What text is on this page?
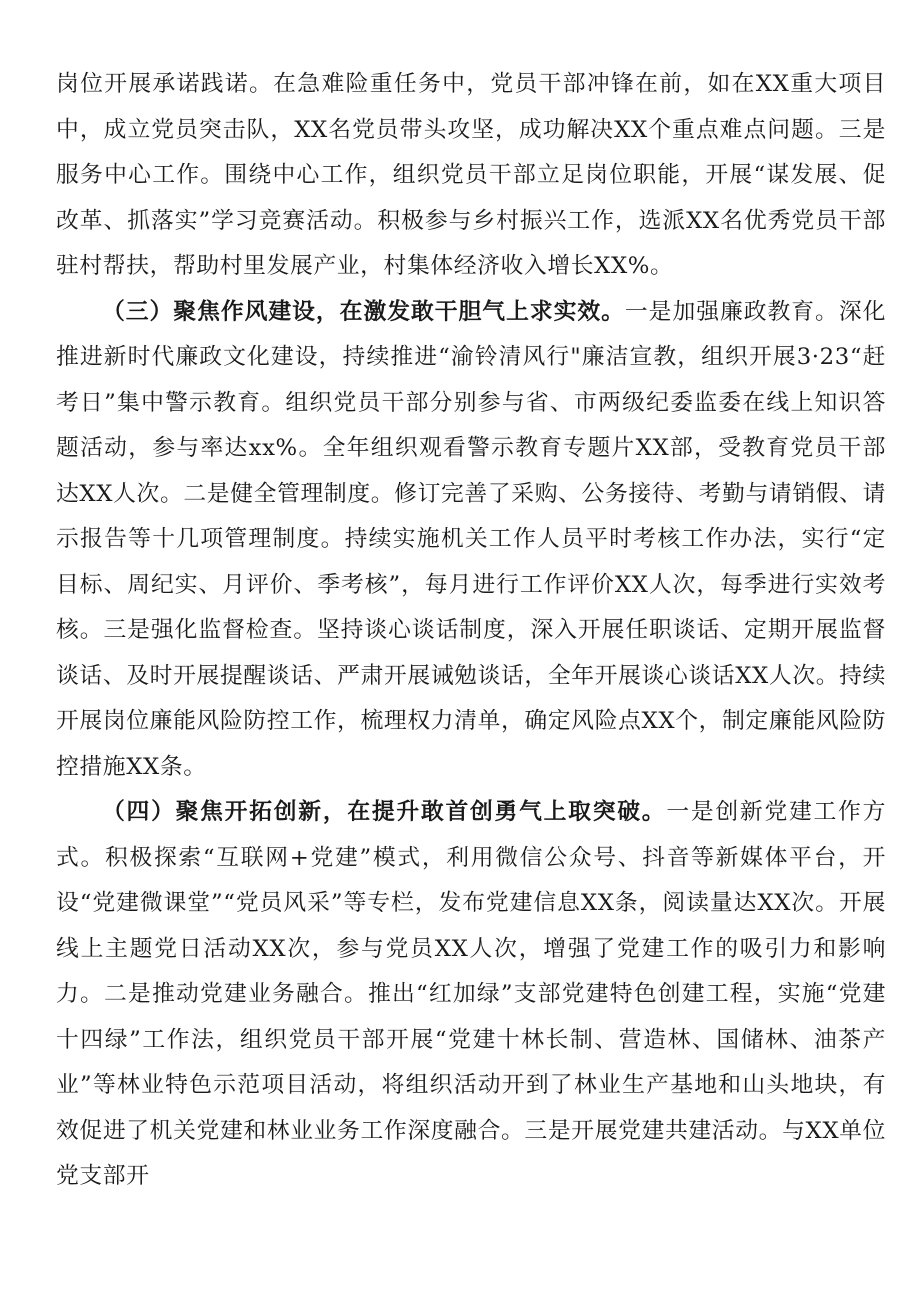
岗位开展承诺践诺。在急难险重任务中，党员干部冲锋在前，如在XX重大项目中，成立党员突击队，XX名党员带头攻坚，成功解决XX个重点难点问题。三是服务中心工作。围绕中心工作，组织党员干部立足岗位职能，开展“谋发展、促改革、抓落实”学习竞赛活动。积极参与乡村振兴工作，选派XX名优秀党员干部驻村帮扶，帮助村里发展产业，村集体经济收入增长XX%。

（三）聚焦作风建设，在激发敢干胆气上求实效。一是加强廉政教育。深化推进新时代廉政文化建设，持续推进“渝铃清风行"廉洁宣教，组织开展3·23“赶考日”集中警示教育。组织党员干部分别参与省、市两级纪委监委在线上知识答题活动，参与率达xx%。全年组织观看警示教育专题片XX部，受教育党员干部达XX人次。二是健全管理制度。修订完善了采购、公务接待、考勤与请销假、请示报告等十几项管理制度。持续实施机关工作人员平时考核工作办法，实行“定目标、周纪实、月评价、季考核”，每月进行工作评价XX人次，每季进行实效考核。三是强化监督检查。坚持谈心谈话制度，深入开展任职谈话、定期开展监督谈话、及时开展提醒谈话、严肃开展诫勉谈话，全年开展谈心谈话XX人次。持续开展岗位廉能风险防控工作，梳理权力清单，确定风险点XX个，制定廉能风险防控措施XX条。

（四）聚焦开拓创新，在提升敢首创勇气上取突破。一是创新党建工作方式。积极探索“互联网+党建”模式，利用微信公众号、抖音等新媒体平台，开设“党建微课堂”“党员风采”等专栏，发布党建信息XX条，阅读量达XX次。开展线上主题党日活动XX次，参与党员XX人次，增强了党建工作的吸引力和影响力。二是推动党建业务融合。推出“红加绿”支部党建特色创建工程，实施“党建十四绿”工作法，组织党员干部开展“党建十林长制、营造林、国储林、油茶产业”等林业特色示范项目活动，将组织活动开到了林业生产基地和山头地块，有效促进了机关党建和林业业务工作深度融合。三是开展党建共建活动。与XX单位党支部开
